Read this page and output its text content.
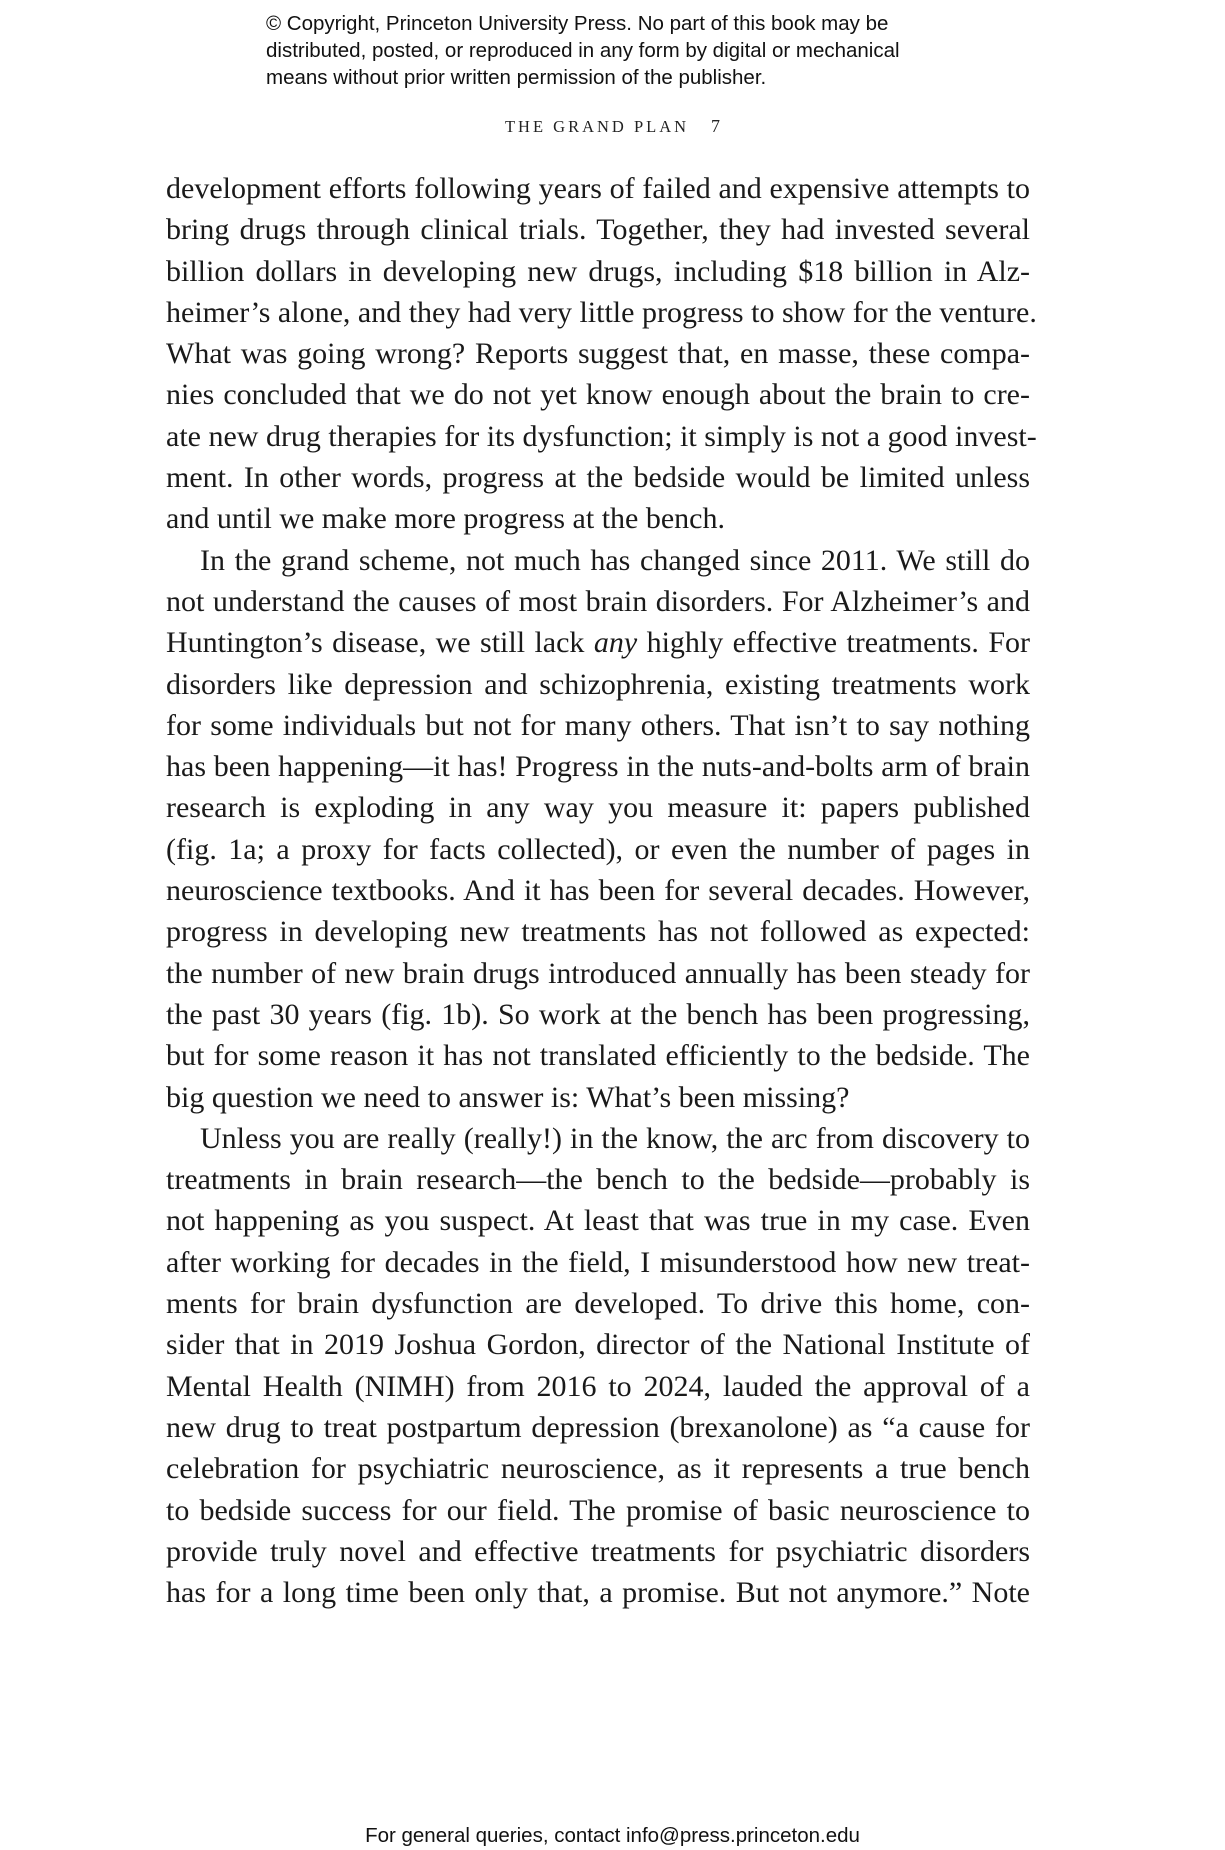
© Copyright, Princeton University Press. No part of this book may be
distributed, posted, or reproduced in any form by digital or mechanical
means without prior written permission of the publisher.
THE GRAND PLAN 7

development efforts following years of failed and expensive attempts to
bring drugs through clinical trials. Together, they had invested several
billion dollars in developing new drugs, including $18 billion in Alz-
heimer’s alone, and they had very little progress to show for the venture.
What was going wrong? Reports suggest that, en masse, these compa-
nies concluded that we do not yet know enough about the brain to cre-
ate new drug therapies for its dysfunction; it simply is not a good invest-
ment. In other words, progress at the bedside would be limited unless
and until we make more progress at the bench.

In the grand scheme, not much has changed since 2011. We still do
not understand the causes of most brain disorders. For Alzheimer’s and
Huntington’s disease, we still lack any highly effective treatments. For
disorders like depression and schizophrenia, existing treatments work
for some individuals but not for many others. That isn’t to say nothing
has been happening—it has! Progress in the nuts-and-bolts arm of brain
research is exploding in any way you measure it: papers published
(fig. 1a; a proxy for facts collected), or even the number of pages in
neuroscience textbooks. And it has been for several decades. However,
progress in developing new treatments has not followed as expected:
the number of new brain drugs introduced annually has been steady for
the past 30 years (fig. 1b). So work at the bench has been progressing,
but for some reason it has not translated efficiently to the bedside. The
big question we need to answer is: What’s been missing?

Unless you are really (really!) in the know, the arc from discovery to
treatments in brain research—the bench to the bedside—probably is
not happening as you suspect. At least that was true in my case. Even
after working for decades in the field, I misunderstood how new treat-
ments for brain dysfunction are developed. To drive this home, con-
sider that in 2019 Joshua Gordon, director of the National Institute of
Mental Health (NIMH) from 2016 to 2024, lauded the approval of a
new drug to treat postpartum depression (brexanolone) as “a cause for
celebration for psychiatric neuroscience, as it represents a true bench
to bedside success for our field. The promise of basic neuroscience to
provide truly novel and effective treatments for psychiatric disorders
has for a long time been only that, a promise. But not anymore.” Note

For general queries, contact info@press.princeton.edu
